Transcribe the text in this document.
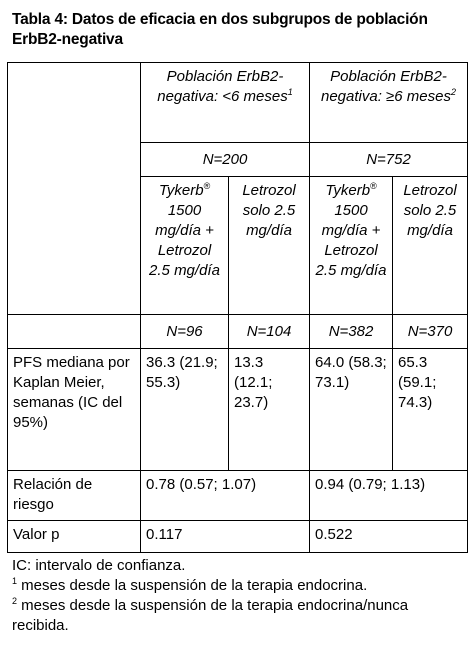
Tabla 4: Datos de eficacia en dos subgrupos de población ErbB2-negativa
	Población ErbB2-negativa: <6 meses$^1$		Población ErbB2-negativa: ≥6 meses$^2$
	N=200		N=752	
	Tykerb® 1500 mg/día + Letrozol 2.5 mg/día	Letrozol solo 2.5 mg/día	Tykerb® 1500 mg/día + Letrozol 2.5 mg/día	Letrozol solo 2.5 mg/día
	N=96	N=104	N=382	N=370
PFS mediana por Kaplan Meier, semanas (IC del 95%)	36.3 (21.9; 55.3)	13.3 (12.1; 23.7)	64.0 (58.3; 73.1)	65.3 (59.1; 74.3)
Relación de riesgo	0.78 (0.57; 1.07)		0.94 (0.79; 1.13)	
Valor p	0.117		0.522	

IC: intervalo de confianza.

$^1$ meses desde la suspensión de la terapia endocrina.

$^2$ meses desde la suspensión de la terapia endocrina/nunca recibida.
